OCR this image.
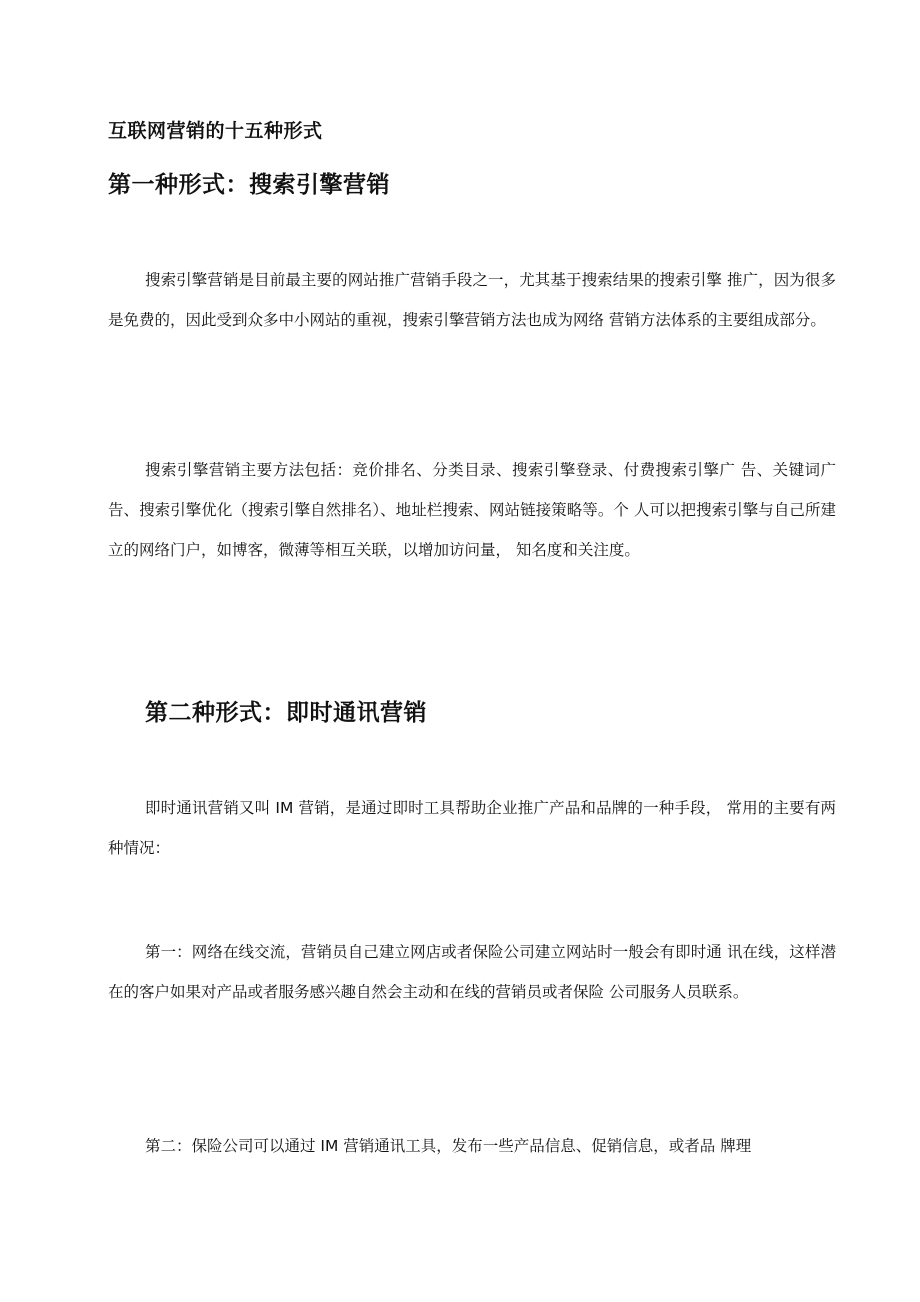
互联网营销的十五种形式
第一种形式：搜索引擎营销

搜索引擎营销是目前最主要的网站推广营销手段之一，尤其基于搜索结果的搜索引擎 推广，因为很多是免费的，因此受到众多中小网站的重视，搜索引擎营销方法也成为网络 营销方法体系的主要组成部分。

搜索引擎营销主要方法包括：竞价排名、分类目录、搜索引擎登录、付费搜索引擎广 告、关键词广告、搜索引擎优化（搜索引擎自然排名）、地址栏搜索、网站链接策略等。个 人可以把搜索引擎与自己所建立的网络门户，如博客，微薄等相互关联，以增加访问量， 知名度和关注度。

第二种形式：即时通讯营销

即时通讯营销又叫 IM 营销，是通过即时工具帮助企业推广产品和品牌的一种手段， 常用的主要有两种情况：

第一：网络在线交流，营销员自己建立网店或者保险公司建立网站时一般会有即时通 讯在线，这样潜在的客户如果对产品或者服务感兴趣自然会主动和在线的营销员或者保险 公司服务人员联系。

第二：保险公司可以通过 IM 营销通讯工具，发布一些产品信息、促销信息，或者品 牌理
